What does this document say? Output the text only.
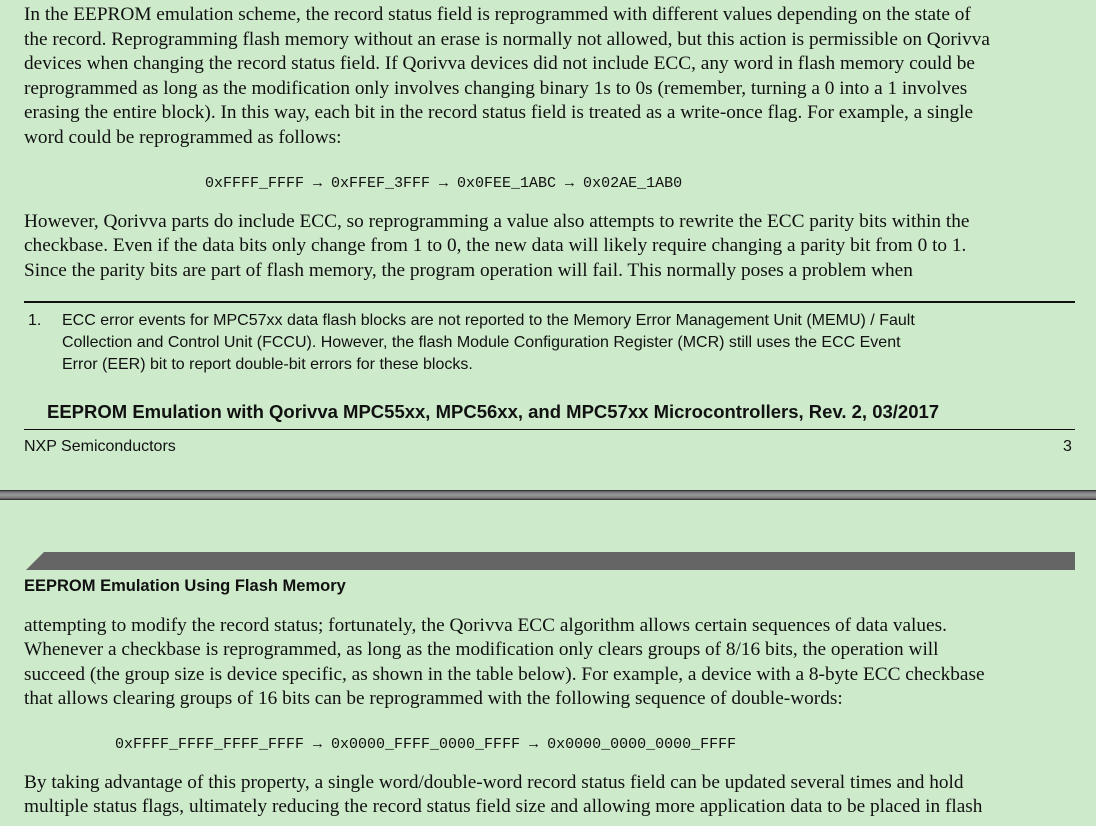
In the EEPROM emulation scheme, the record status field is reprogrammed with different values depending on the state of
the record. Reprogramming flash memory without an erase is normally not allowed, but this action is permissible on Qorivva
devices when changing the record status field. If Qorivva devices did not include ECC, any word in flash memory could be
reprogrammed as long as the modification only involves changing binary 1s to 0s (remember, turning a 0 into a 1 involves
erasing the entire block). In this way, each bit in the record status field is treated as a write-once flag. For example, a single
word could be reprogrammed as follows:
0xFFFF_FFFF → 0xFFEF_3FFF → 0x0FEE_1ABC → 0x02AE_1AB0
However, Qorivva parts do include ECC, so reprogramming a value also attempts to rewrite the ECC parity bits within the
checkbase. Even if the data bits only change from 1 to 0, the new data will likely require changing a parity bit from 0 to 1.
Since the parity bits are part of flash memory, the program operation will fail. This normally poses a problem when
1. ECC error events for MPC57xx data flash blocks are not reported to the Memory Error Management Unit (MEMU) / Fault
Collection and Control Unit (FCCU). However, the flash Module Configuration Register (MCR) still uses the ECC Event
Error (EER) bit to report double-bit errors for these blocks.
EEPROM Emulation with Qorivva MPC55xx, MPC56xx, and MPC57xx Microcontrollers, Rev. 2, 03/2017
NXP Semiconductors	3
EEPROM Emulation Using Flash Memory
attempting to modify the record status; fortunately, the Qorivva ECC algorithm allows certain sequences of data values.
Whenever a checkbase is reprogrammed, as long as the modification only clears groups of 8/16 bits, the operation will
succeed (the group size is device specific, as shown in the table below). For example, a device with a 8-byte ECC checkbase
that allows clearing groups of 16 bits can be reprogrammed with the following sequence of double-words:
0xFFFF_FFFF_FFFF_FFFF → 0x0000_FFFF_0000_FFFF → 0x0000_0000_0000_FFFF
By taking advantage of this property, a single word/double-word record status field can be updated several times and hold
multiple status flags, ultimately reducing the record status field size and allowing more application data to be placed in flash
